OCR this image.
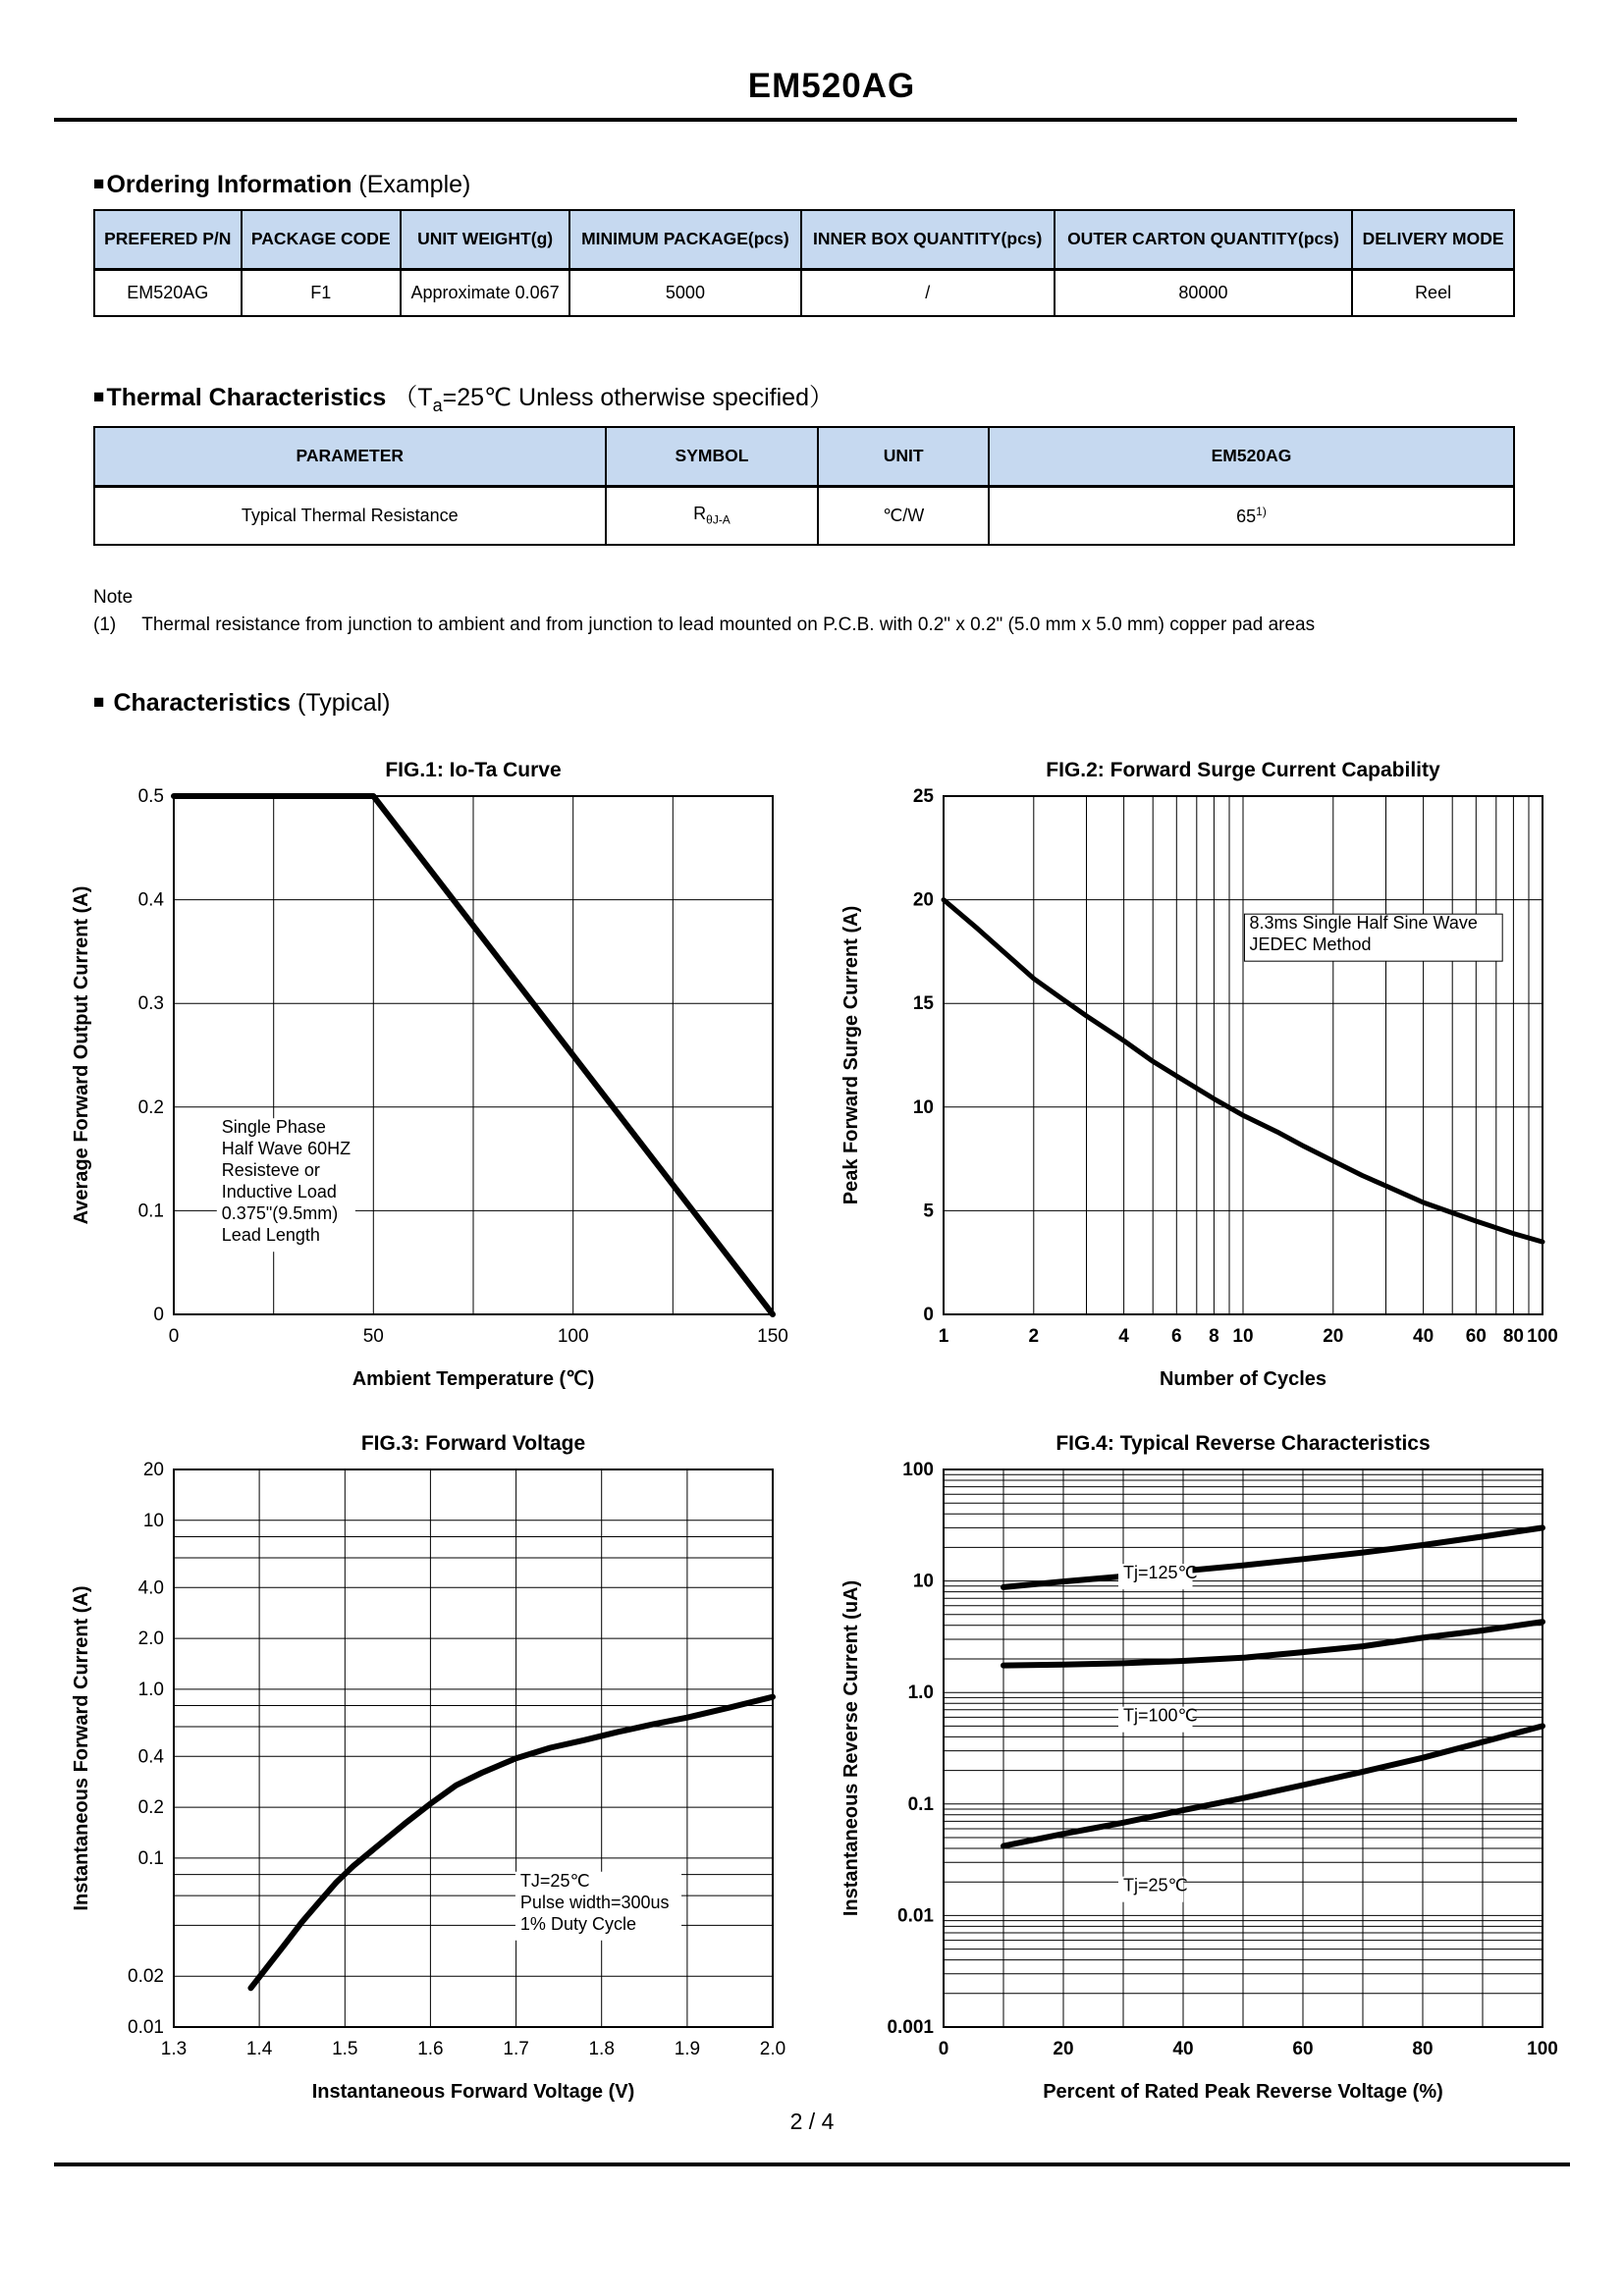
EM520AG
■Ordering Information (Example)
PREFERED P/N	PACKAGE CODE	UNIT WEIGHT(g)	MINIMUM PACKAGE(pcs)	INNER BOX QUANTITY(pcs)	OUTER CARTON QUANTITY(pcs)	DELIVERY MODE
EM520AG	F1	Approximate 0.067	5000	/	80000	Reel
■Thermal Characteristics （$T_a=25℃$ Unless otherwise specified）
PARAMETER	SYMBOL	UNIT	EM520AG
Typical Thermal Resistance	$R_{\theta J-A}$	℃/W	65$^{1)}$
Note
(1) Thermal resistance from junction to ambient and from junction to lead mounted on P.C.B. with 0.2" x 0.2" (5.0 mm x 5.0 mm) copper pad areas
■ Characteristics (Typical)
Single Phase
Half Wave 60HZ
Resisteve or
Inductive Load
0.375"(9.5mm)
Lead Length
0	50	100	150
0.5
0.4
0.3
0.2
0.1
0
FIG.1: Io-Ta Curve
Ambient Temperature (℃)
Average Forward Output Current (A)	8.3ms Single Half Sine Wave
JEDEC Method
1	2	4 6 8 10	20	40 60 80 100
0
5
10
15
20
25
FIG.2: Forward Surge Current Capability
Number of Cycles
Peak Forward Surge Current (A)
TJ=25℃
Pulse width=300us
1% Duty Cycle
1.3	1.4	1.5	1.6	1.7	1.8	1.9	2.0
20
10
4.0
2.0
1.0
0.4
0.2
0.1
0.02
0.01
FIG.3: Forward Voltage
Instantaneous Forward Voltage (V)
Instantaneous Forward Current (A)
Tj=125℃
Tj=100℃
Tj=25℃
0	20	40	60	80	100
100
10
1.0
0.1
0.01
0.001
FIG.4: Typical Reverse Characteristics
Percent of Rated Peak Reverse Voltage (%)
Instantaneous Reverse Current (uA)
2 / 4
